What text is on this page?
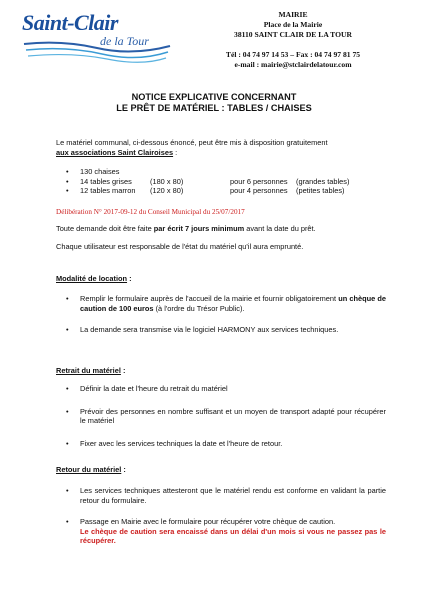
Saint-Clair
de la Tour
MAIRIE
Place de la Mairie
38110 SAINT CLAIR DE LA TOUR
Tél : 04 74 97 14 53 – Fax : 04 74 97 81 75
e-mail : mairie@stclairdelatour.com
NOTICE EXPLICATIVE CONCERNANT
LE PRÊT DE MATÉRIEL : TABLES / CHAISES
Le matériel communal, ci-dessous énoncé, peut être mis à disposition gratuitement
aux associations Saint Clairoises :
• 130 chaises
• 14 tables grises (180 x 80)	pour 6 personnes (grandes tables)
• 12 tables marron (120 x 80)	pour 4 personnes (petites tables)
Délibération N° 2017-09-12 du Conseil Municipal du 25/07/2017
Toute demande doit être faite par écrit 7 jours minimum avant la date du prêt.
Chaque utilisateur est responsable de l'état du matériel qu'il aura emprunté.
Modalité de location :
• Remplir le formulaire auprès de l'accueil de la mairie et fournir obligatoirement un chèque de caution de 100 euros (à l'ordre du Trésor Public).
• La demande sera transmise via le logiciel HARMONY aux services techniques.
Retrait du matériel :
• Définir la date et l'heure du retrait du matériel
• Prévoir des personnes en nombre suffisant et un moyen de transport adapté pour récupérer le matériel
• Fixer avec les services techniques la date et l'heure de retour.
Retour du matériel :
• Les services techniques attesteront que le matériel rendu est conforme en validant la partie retour du formulaire.
• Passage en Mairie avec le formulaire pour récupérer votre chèque de caution.
Le chèque de caution sera encaissé dans un délai d'un mois si vous ne passez pas le récupérer.
